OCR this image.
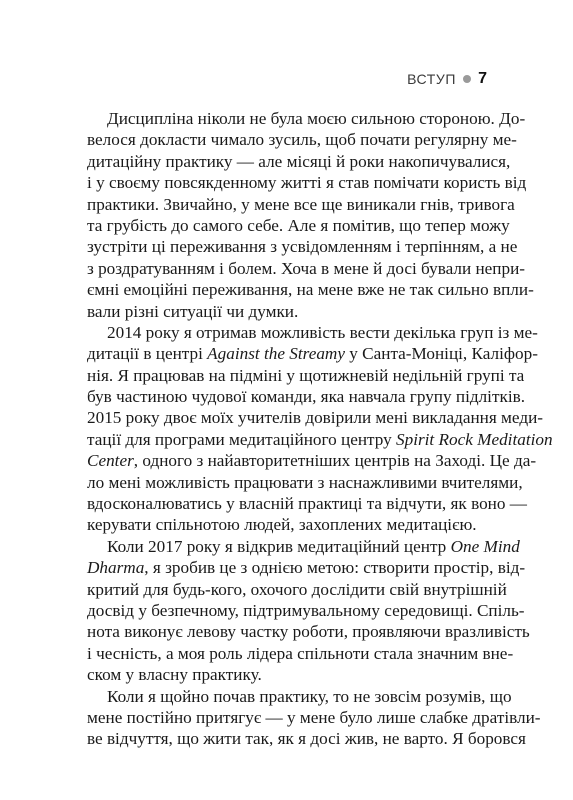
ВСТУП 7
Дисципліна ніколи не була моєю сильною стороною. До-
велося докласти чимало зусиль, щоб почати регулярну ме-
дитаційну практику — але місяці й роки накопичувалися,
і у своєму повсякденному житті я став помічати користь від
практики. Звичайно, у мене все ще виникали гнів, тривога
та грубість до самого себе. Але я помітив, що тепер можу
зустріти ці переживання з усвідомленням і терпінням, а не
з роздратуванням і болем. Хоча в мене й досі бували непри-
ємні емоційні переживання, на мене вже не так сильно впли-
вали різні ситуації чи думки.
2014 року я отримав можливість вести декілька груп із ме-
дитації в центрі Against the Streamy у Санта-Моніці, Каліфор-
нія. Я працював на підміні у щотижневій недільній групі та
був частиною чудової команди, яка навчала групу підлітків.
2015 року двоє моїх учителів довірили мені викладання меди-
тації для програми медитаційного центру Spirit Rock Meditation
Center, одного з найавторитетніших центрів на Заході. Це да-
ло мені можливість працювати з наснажливими вчителями,
вдосконалюватись у власній практиці та відчути, як воно —
керувати спільнотою людей, захоплених медитацією.
Коли 2017 року я відкрив медитаційний центр One Mind
Dharma, я зробив це з однією метою: створити простір, від-
критий для будь-кого, охочого дослідити свій внутрішній
досвід у безпечному, підтримувальному середовищі. Спіль-
нота виконує левову частку роботи, проявляючи вразливість
і чесність, а моя роль лідера спільноти стала значним вне-
ском у власну практику.
Коли я щойно почав практику, то не зовсім розумів, що
мене постійно притягує — у мене було лише слабке дратівли-
ве відчуття, що жити так, як я досі жив, не варто. Я боровся
